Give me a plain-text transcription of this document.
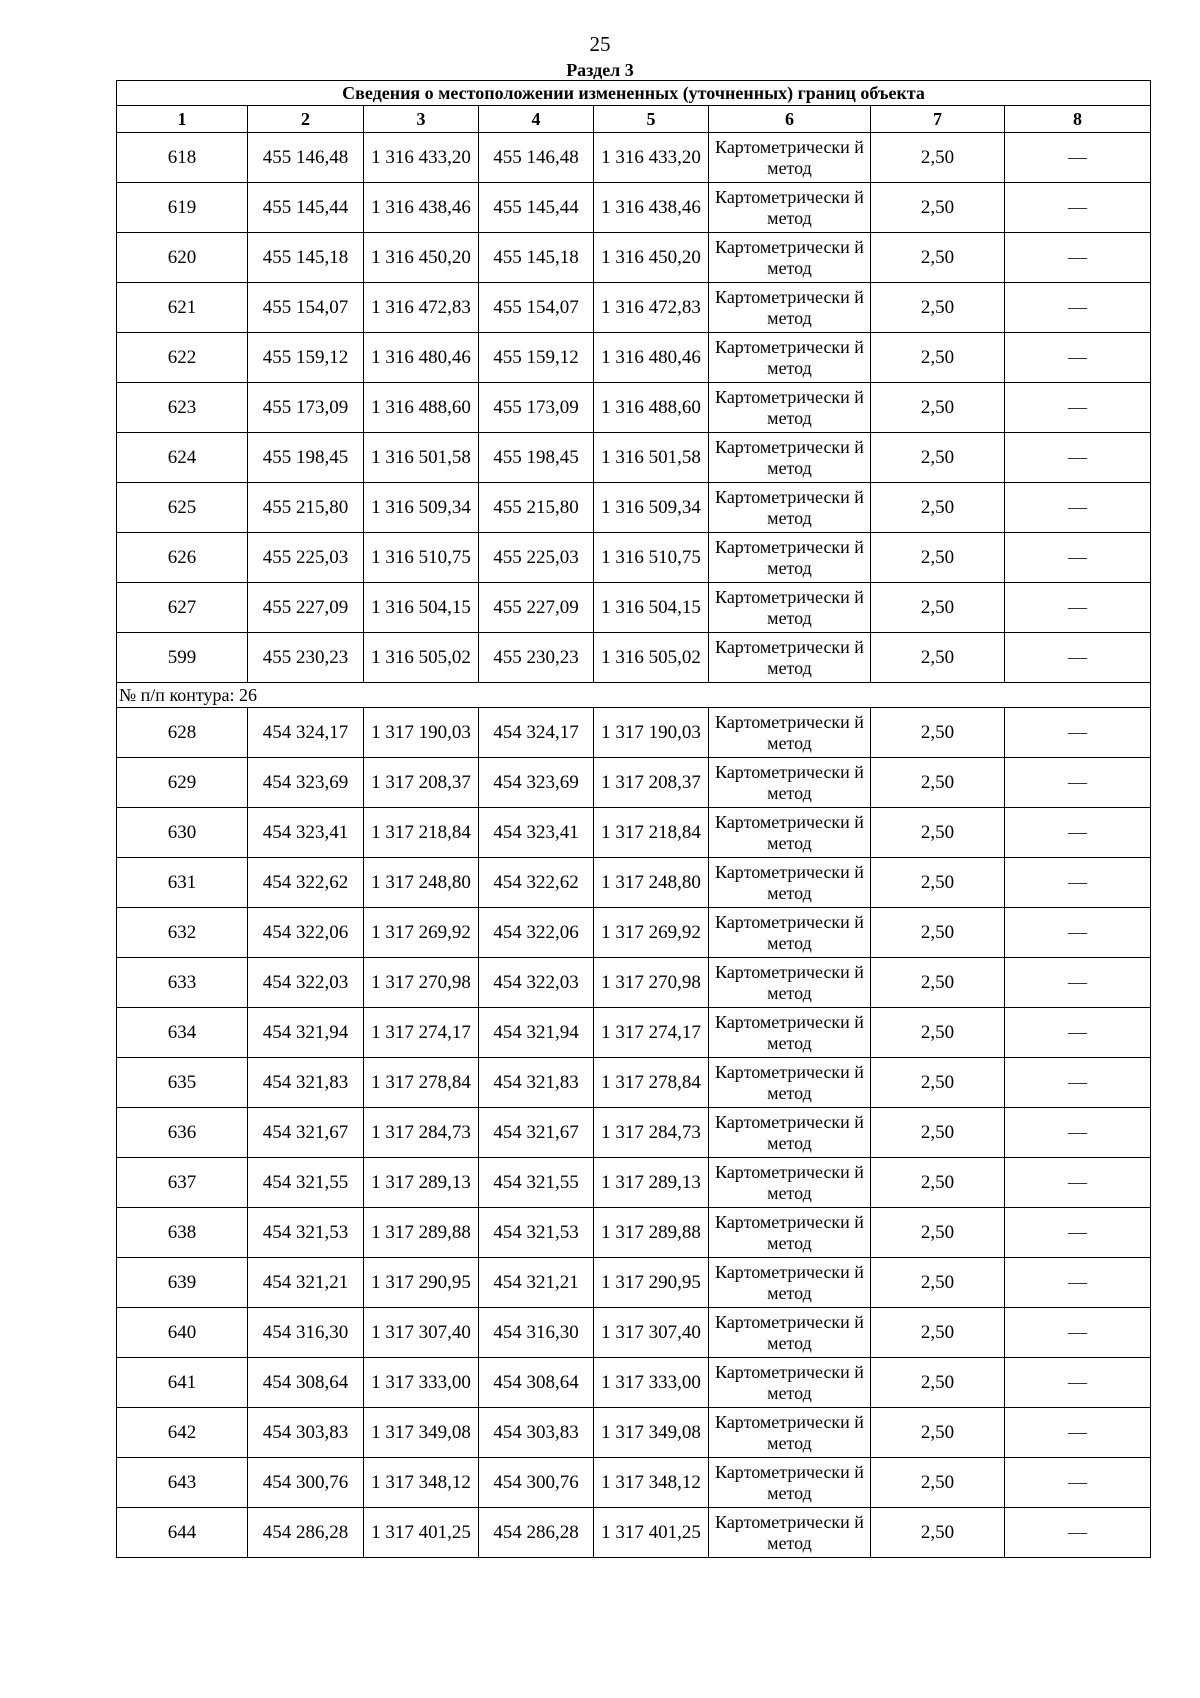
25
Раздел 3
Сведения о местоположении измененных (уточненных) границ объекта							
1	2	3	4	5	6	7	8
618	455 146,48	1 316 433,20	455 146,48	1 316 433,20	Картометрически й метод	2,50	—
619	455 145,44	1 316 438,46	455 145,44	1 316 438,46	Картометрически й метод	2,50	—
620	455 145,18	1 316 450,20	455 145,18	1 316 450,20	Картометрически й метод	2,50	—
621	455 154,07	1 316 472,83	455 154,07	1 316 472,83	Картометрически й метод	2,50	—
622	455 159,12	1 316 480,46	455 159,12	1 316 480,46	Картометрически й метод	2,50	—
623	455 173,09	1 316 488,60	455 173,09	1 316 488,60	Картометрически й метод	2,50	—
624	455 198,45	1 316 501,58	455 198,45	1 316 501,58	Картометрически й метод	2,50	—
625	455 215,80	1 316 509,34	455 215,80	1 316 509,34	Картометрически й метод	2,50	—
626	455 225,03	1 316 510,75	455 225,03	1 316 510,75	Картометрически й метод	2,50	—
627	455 227,09	1 316 504,15	455 227,09	1 316 504,15	Картометрически й метод	2,50	—
599	455 230,23	1 316 505,02	455 230,23	1 316 505,02	Картометрически й метод	2,50	—
№ п/п контура: 26							
628	454 324,17	1 317 190,03	454 324,17	1 317 190,03	Картометрически й метод	2,50	—
629	454 323,69	1 317 208,37	454 323,69	1 317 208,37	Картометрически й метод	2,50	—
630	454 323,41	1 317 218,84	454 323,41	1 317 218,84	Картометрически й метод	2,50	—
631	454 322,62	1 317 248,80	454 322,62	1 317 248,80	Картометрически й метод	2,50	—
632	454 322,06	1 317 269,92	454 322,06	1 317 269,92	Картометрически й метод	2,50	—
633	454 322,03	1 317 270,98	454 322,03	1 317 270,98	Картометрически й метод	2,50	—
634	454 321,94	1 317 274,17	454 321,94	1 317 274,17	Картометрически й метод	2,50	—
635	454 321,83	1 317 278,84	454 321,83	1 317 278,84	Картометрически й метод	2,50	—
636	454 321,67	1 317 284,73	454 321,67	1 317 284,73	Картометрически й метод	2,50	—
637	454 321,55	1 317 289,13	454 321,55	1 317 289,13	Картометрически й метод	2,50	—
638	454 321,53	1 317 289,88	454 321,53	1 317 289,88	Картометрически й метод	2,50	—
639	454 321,21	1 317 290,95	454 321,21	1 317 290,95	Картометрически й метод	2,50	—
640	454 316,30	1 317 307,40	454 316,30	1 317 307,40	Картометрически й метод	2,50	—
641	454 308,64	1 317 333,00	454 308,64	1 317 333,00	Картометрически й метод	2,50	—
642	454 303,83	1 317 349,08	454 303,83	1 317 349,08	Картометрически й метод	2,50	—
643	454 300,76	1 317 348,12	454 300,76	1 317 348,12	Картометрически й метод	2,50	—
644	454 286,28	1 317 401,25	454 286,28	1 317 401,25	Картометрически й метод	2,50	—
